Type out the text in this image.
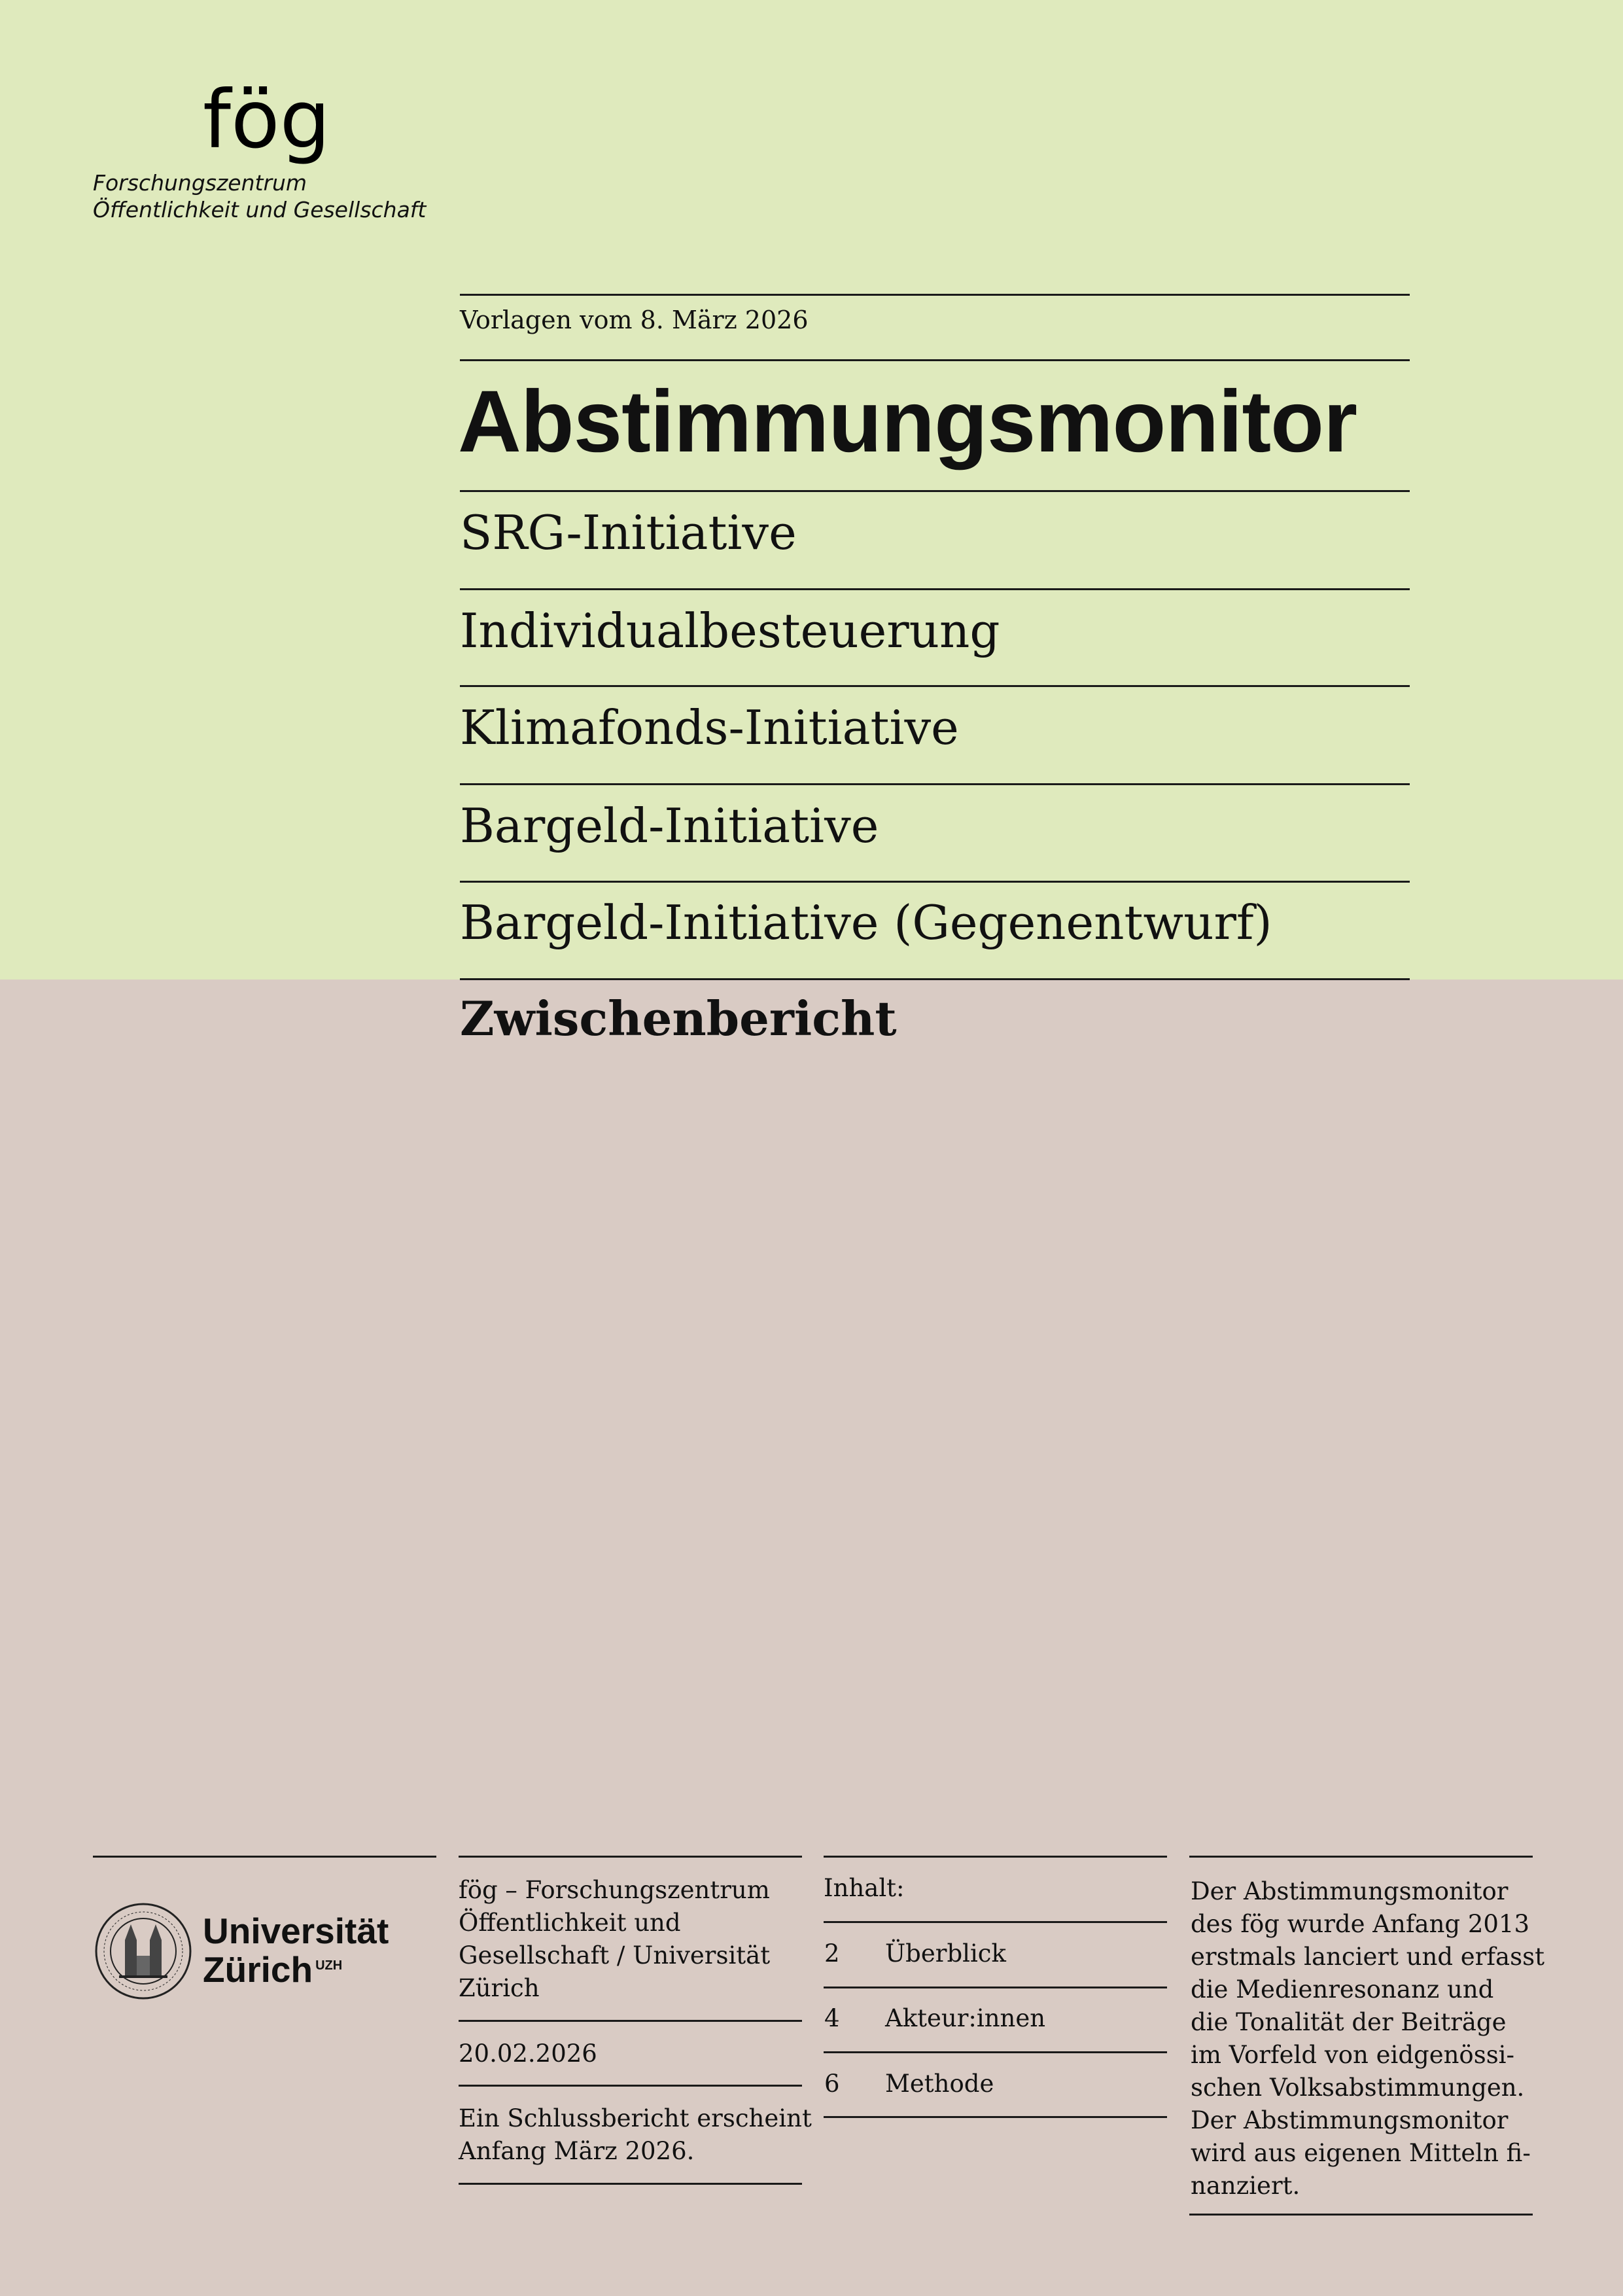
fög
Forschungszentrum
Öffentlichkeit und Gesellschaft
Vorlagen vom 8. März 2026
Abstimmungsmonitor
SRG-Initiative
Individualbesteuerung
Klimafonds-Initiative
Bargeld-Initiative
Bargeld-Initiative (Gegenentwurf)
Zwischenbericht
Universität
Zürich $^{UZH}$
fög – Forschungszentrum
Öffentlichkeit und
Gesellschaft / Universität
Zürich
20.02.2026
Ein Schlussbericht erscheint
Anfang März 2026.
Inhalt:
2 Überblick
4 Akteur:innen
6 Methode
Der Abstimmungsmonitor
des fög wurde Anfang 2013
erstmals lanciert und erfasst
die Medienresonanz und
die Tonalität der Beiträge
im Vorfeld von eidgenössi-
schen Volksabstimmungen.
Der Abstimmungsmonitor
wird aus eigenen Mitteln fi-
nanziert.
